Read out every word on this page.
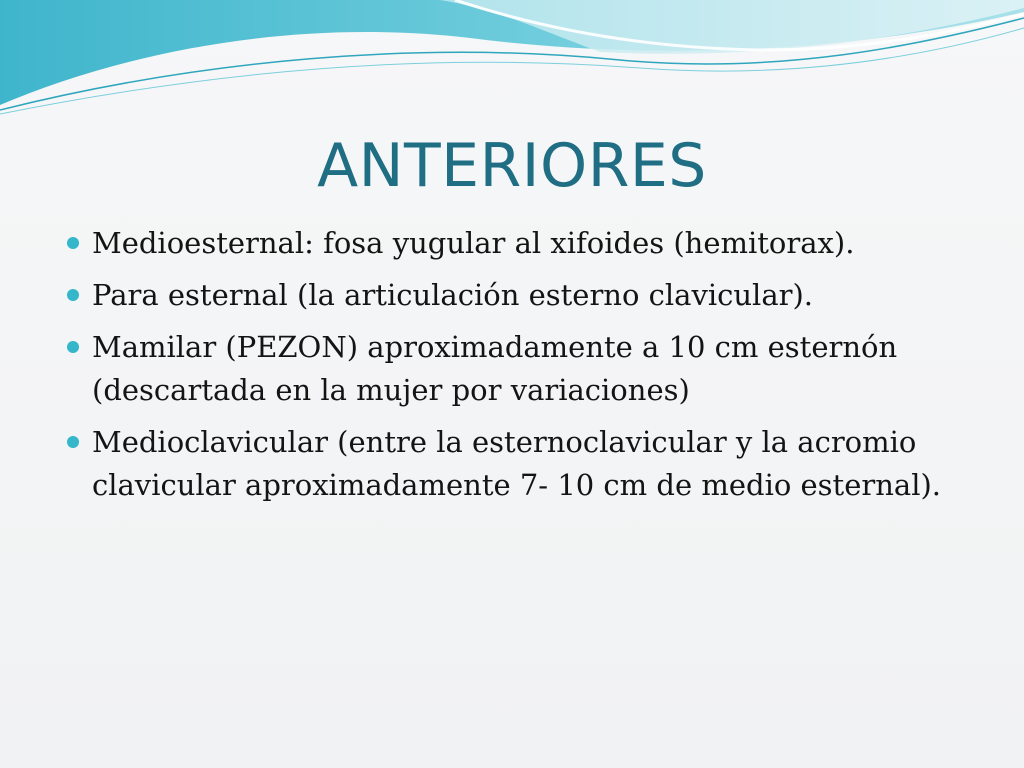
ANTERIORES
Medioesternal: fosa yugular al xifoides (hemitorax).
Para esternal (la articulación esterno clavicular).
Mamilar (PEZON) aproximadamente a 10 cm esternón (descartada en la mujer por variaciones)
Medioclavicular (entre la esternoclavicular y la acromio clavicular aproximadamente 7- 10 cm de medio esternal).
